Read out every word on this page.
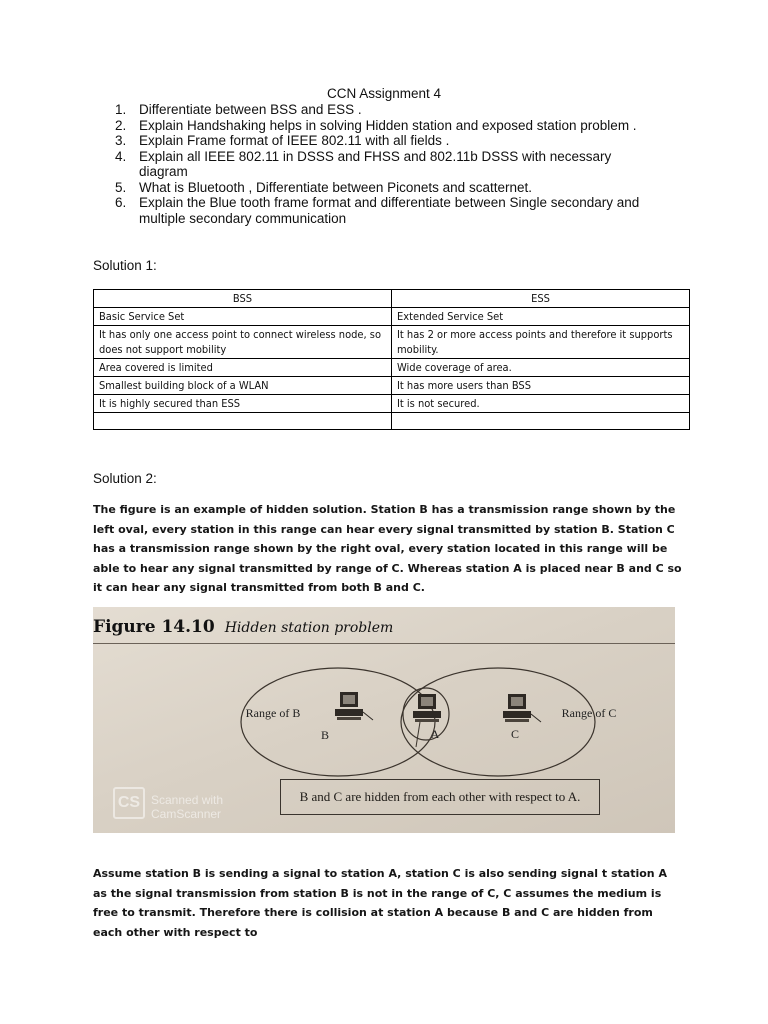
CCN Assignment 4
1. Differentiate between BSS and ESS .
2. Explain Handshaking helps in solving Hidden station and exposed station problem .
3. Explain Frame format of IEEE 802.11 with all fields .
4. Explain all IEEE 802.11 in DSSS and FHSS and 802.11b DSSS with necessary diagram
5. What is Bluetooth , Differentiate between Piconets and scatternet.
6. Explain the Blue tooth frame format and differentiate between Single secondary and multiple secondary communication
Solution 1:
BSS	ESS
Basic Service Set	Extended Service Set
It has only one access point to connect wireless node, so does not support mobility	It has 2 or more access points and therefore it supports mobility.
Area covered is limited	Wide coverage of area.
Smallest building block of a WLAN	It has more users than BSS
It is highly secured than ESS	It is not secured.

Solution 2:
The figure is an example of hidden solution. Station B has a transmission range shown by the left oval, every station in this range can hear every signal transmitted by station B. Station C has a transmission range shown by the right oval, every station located in this range will be able to hear any signal transmitted by range of C. Whereas station A is placed near B and C so it can hear any signal transmitted from both B and C.
Figure 14.10 Hidden station problem
Range of B	Range of C
B	A	C
CS Scanned with
CamScanner
B and C are hidden from each other with respect to A.
Assume station B is sending a signal to station A, station C is also sending signal t station A as the signal transmission from station B is not in the range of C, C assumes the medium is free to transmit. Therefore there is collision at station A because B and C are hidden from each other with respect to
